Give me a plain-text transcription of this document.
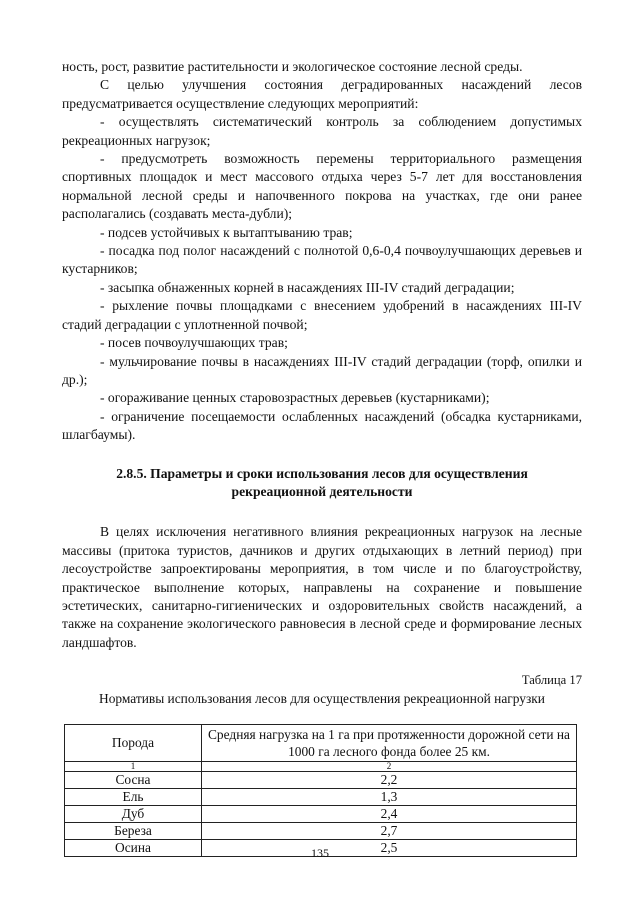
ность, рост, развитие растительности и экологическое состояние лесной среды.

С целью улучшения состояния деградированных насаждений лесов предусматривается осуществление следующих мероприятий:

- осуществлять систематический контроль за соблюдением допустимых рекреационных нагрузок;

- предусмотреть возможность перемены территориального размещения спортивных площадок и мест массового отдыха через 5-7 лет для восстановления нормальной лесной среды и напочвенного покрова на участках, где они ранее располагались (создавать места-дубли);

- подсев устойчивых к вытаптыванию трав;

- посадка под полог насаждений с полнотой 0,6-0,4 почвоулучшающих деревьев и кустарников;

- засыпка обнаженных корней в насаждениях III-IV стадий деградации;

- рыхление почвы площадками с внесением удобрений в насаждениях III-IV стадий деградации с уплотненной почвой;

- посев почвоулучшающих трав;

- мульчирование почвы в насаждениях III-IV стадий деградации (торф, опилки и др.);

- огораживание ценных старовозрастных деревьев (кустарниками);

- ограничение посещаемости ослабленных насаждений (обсадка кустарниками, шлагбаумы).

2.8.5. Параметры и сроки использования лесов для осуществления
рекреационной деятельности

В целях исключения негативного влияния рекреационных нагрузок на лесные массивы (притока туристов, дачников и других отдыхающих в летний период) при лесоустройстве запроектированы мероприятия, в том числе и по благоустройству, практическое выполнение которых, направлены на сохранение и повышение эстетических, санитарно-гигиенических и оздоровительных свойств насаждений, а также на сохранение экологического равновесия в лесной среде и формирование лесных ландшафтов.

Таблица 17
Нормативы использования лесов для осуществления рекреационной нагрузки
Порода	Средняя нагрузка на 1 га при протяженности дорожной сети на 1000 га лесного фонда более 25 км.
1	2
Сосна	2,2
Ель	1,3
Дуб	2,4
Береза	2,7
Осина	2,5
135
